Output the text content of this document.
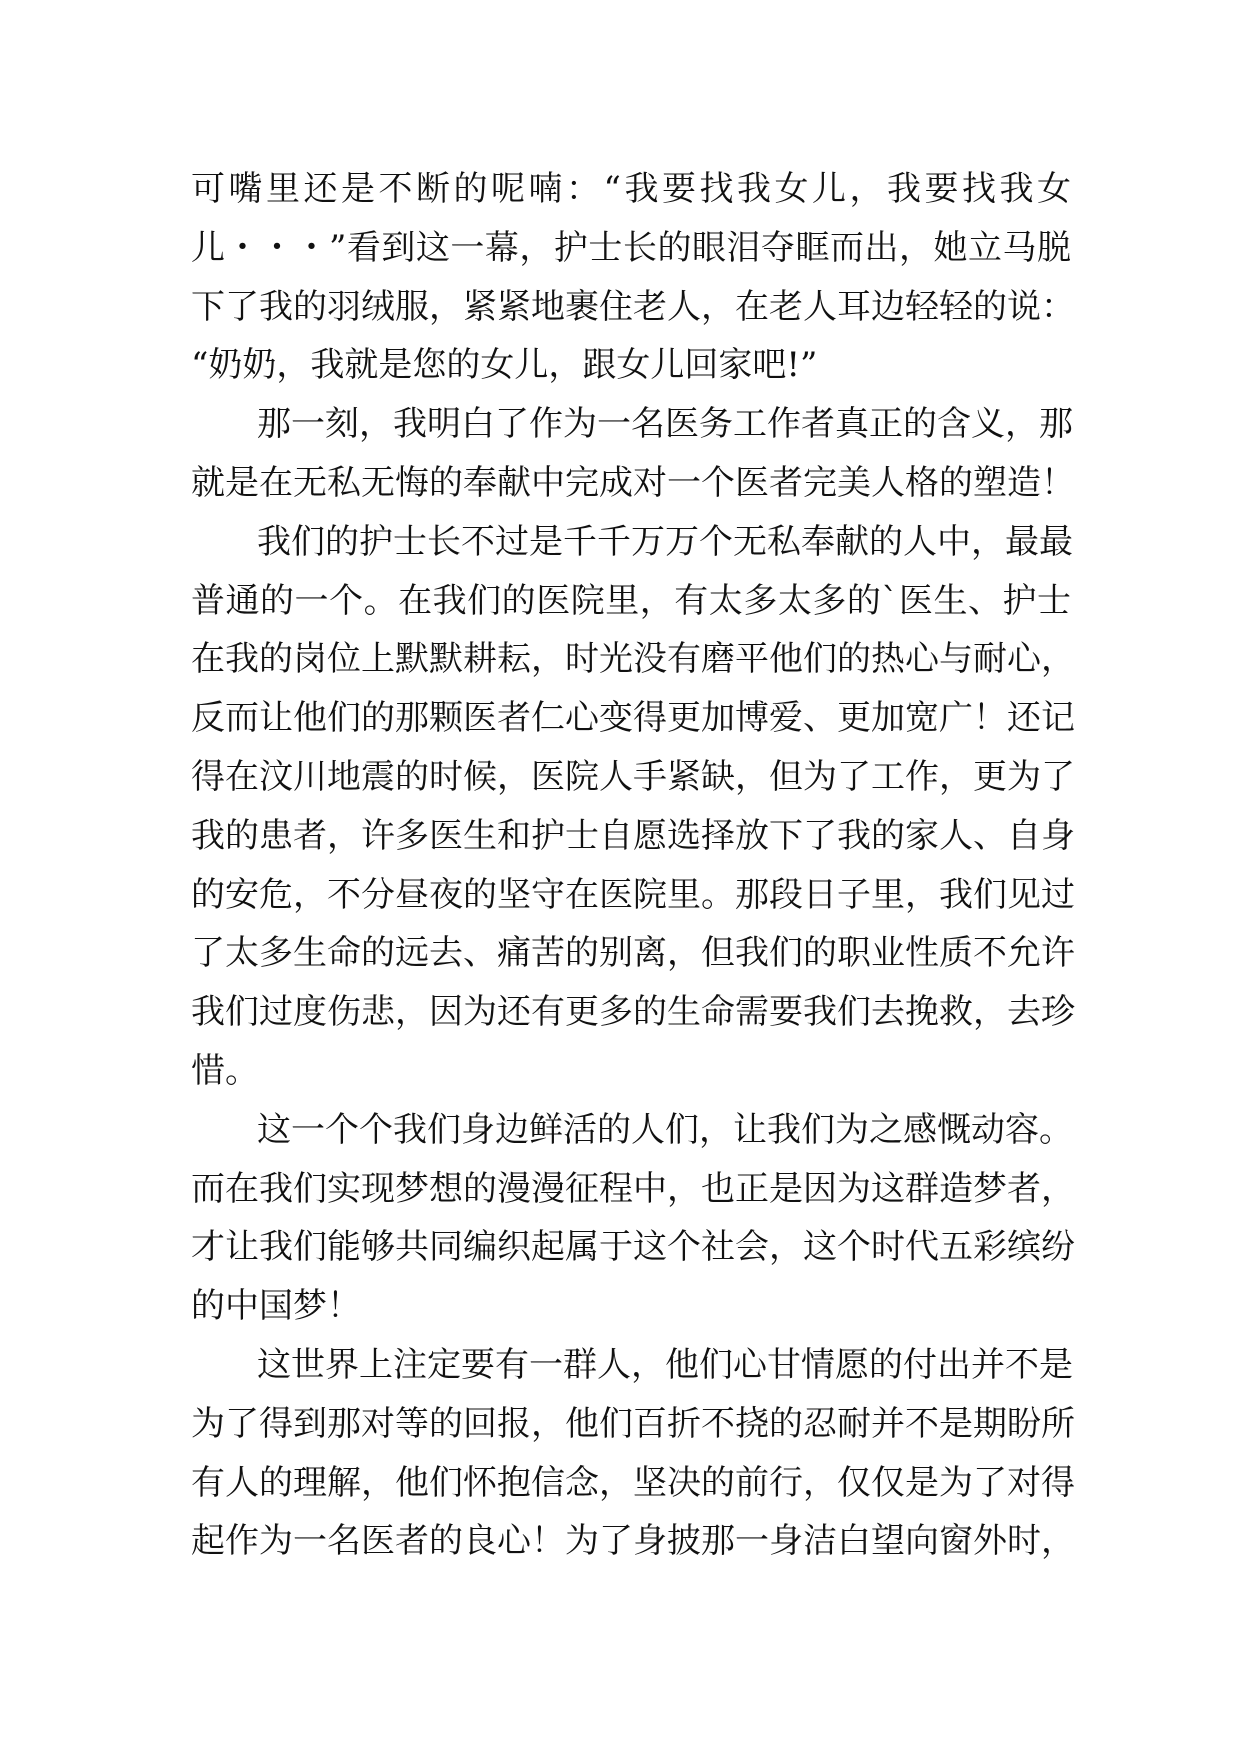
可嘴里还是不断的呢喃：“我要找我女儿，我要找我女
儿・・・”看到这一幕，护士长的眼泪夺眶而出，她立马脱
下了我的羽绒服，紧紧地裹住老人，在老人耳边轻轻的说：
“奶奶，我就是您的女儿，跟女儿回家吧!”
那一刻，我明白了作为一名医务工作者真正的含义，那
就是在无私无悔的奉献中完成对一个医者完美人格的塑造！
我们的护士长不过是千千万万个无私奉献的人中，最最
普通的一个。在我们的医院里，有太多太多的`医生、护士
在我的岗位上默默耕耘，时光没有磨平他们的热心与耐心，
反而让他们的那颗医者仁心变得更加博爱、更加宽广！还记
得在汶川地震的时候，医院人手紧缺，但为了工作，更为了
我的患者，许多医生和护士自愿选择放下了我的家人、自身
的安危，不分昼夜的坚守在医院里。那段日子里，我们见过
了太多生命的远去、痛苦的别离，但我们的职业性质不允许
我们过度伤悲，因为还有更多的生命需要我们去挽救，去珍
惜。
这一个个我们身边鲜活的人们，让我们为之感慨动容。
而在我们实现梦想的漫漫征程中，也正是因为这群造梦者，
才让我们能够共同编织起属于这个社会，这个时代五彩缤纷
的中国梦！
这世界上注定要有一群人，他们心甘情愿的付出并不是
为了得到那对等的回报，他们百折不挠的忍耐并不是期盼所
有人的理解，他们怀抱信念，坚决的前行，仅仅是为了对得
起作为一名医者的良心！为了身披那一身洁白望向窗外时，
